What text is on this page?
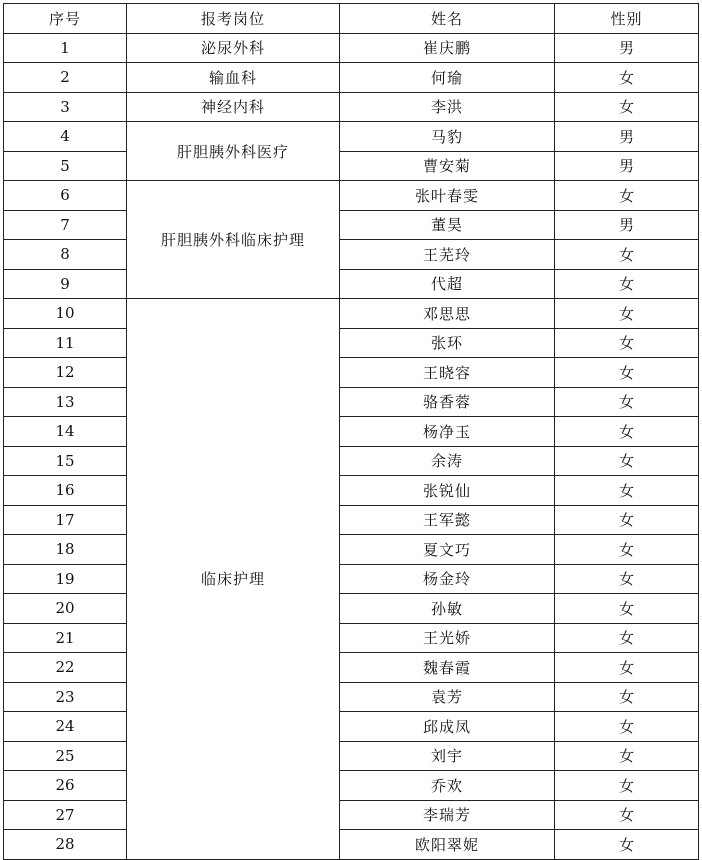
序号	报考岗位	姓名	性别
1	泌尿外科	崔庆鹏	男
2	输血科	何瑜	女
3	神经内科	李洪	女
4	肝胆胰外科医疗	马豹	男
5		曹安菊	男
6	肝胆胰外科临床护理	张叶春雯	女
7		董昊	男
8		王芜玲	女
9		代超	女
10	临床护理	邓思思	女
11		张环	女
12		王晓容	女
13		骆香蓉	女
14		杨净玉	女
15		余涛	女
16		张锐仙	女
17		王军懿	女
18		夏文巧	女
19		杨金玲	女
20		孙敏	女
21		王光娇	女
22		魏春霞	女
23		袁芳	女
24		邱成凤	女
25		刘宇	女
26		乔欢	女
27		李瑞芳	女
28		欧阳翠妮	女
